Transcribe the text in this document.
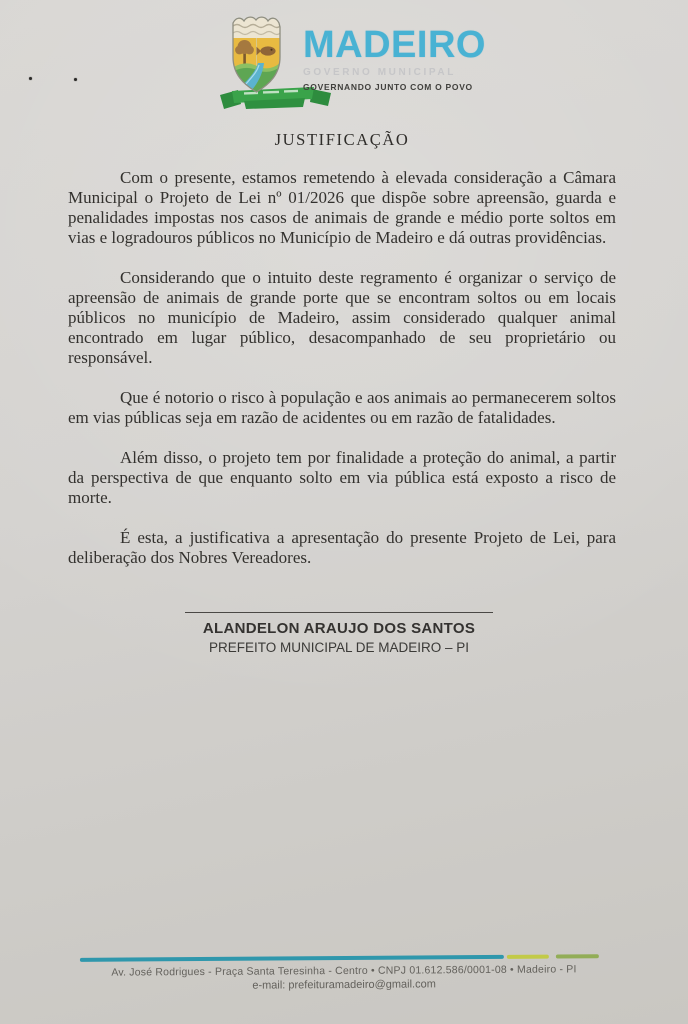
MADEIRO
GOVERNO MUNICIPAL
GOVERNANDO JUNTO COM O POVO
JUSTIFICAÇÃO

Com o presente, estamos remetendo à elevada consideração a Câmara Municipal o Projeto de Lei nº 01/2026 que dispõe sobre apreensão, guarda e penalidades impostas nos casos de animais de grande e médio porte soltos em vias e logradouros públicos no Município de Madeiro e dá outras providências.

Considerando que o intuito deste regramento é organizar o serviço de apreensão de animais de grande porte que se encontram soltos ou em locais públicos no município de Madeiro, assim considerado qualquer animal encontrado em lugar público, desacompanhado de seu proprietário ou responsável.

Que é notorio o risco à população e aos animais ao permanecerem soltos em vias públicas seja em razão de acidentes ou em razão de fatalidades.

Além disso, o projeto tem por finalidade a proteção do animal, a partir da perspectiva de que enquanto solto em via pública está exposto a risco de morte.

É esta, a justificativa a apresentação do presente Projeto de Lei, para deliberação dos Nobres Vereadores.

ALANDELON ARAUJO DOS SANTOS
PREFEITO MUNICIPAL DE MADEIRO – PI
Av. José Rodrigues - Praça Santa Teresinha - Centro • CNPJ 01.612.586/0001-08 • Madeiro - PI
e-mail: prefeituramadeiro@gmail.com
